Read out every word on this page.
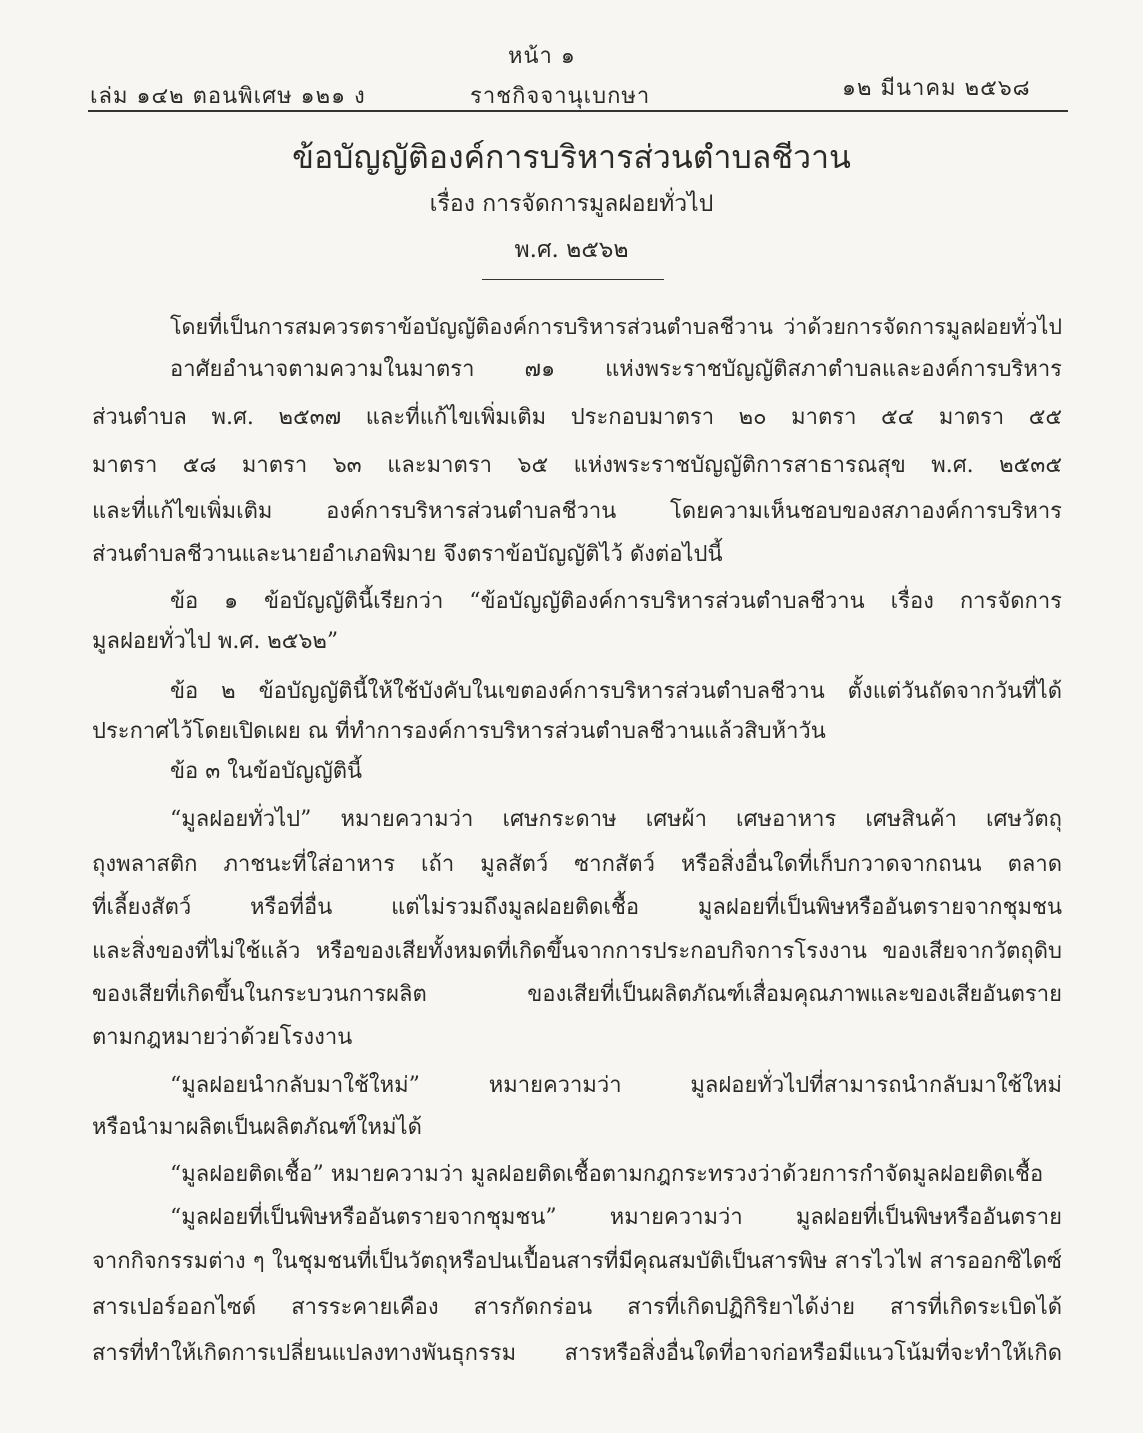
หน้า ๑
เล่ม ๑๔๒ ตอนพิเศษ ๑๒๑ ง	ราชกิจจานุเบกษา	๑๒ มีนาคม ๒๕๖๘
ข้อบัญญัติองค์การบริหารส่วนตำบลชีวาน
เรื่อง การจัดการมูลฝอยทั่วไป
พ.ศ. ๒๕๖๒
โดยที่เป็นการสมควรตราข้อบัญญัติองค์การบริหารส่วนตำบลชีวาน ว่าด้วยการจัดการมูลฝอยทั่วไป
อาศัยอำนาจตามความในมาตรา ๗๑ แห่งพระราชบัญญัติสภาตำบลและองค์การบริหาร
ส่วนตำบล พ.ศ. ๒๕๓๗ และที่แก้ไขเพิ่มเติม ประกอบมาตรา ๒๐ มาตรา ๕๔ มาตรา ๕๕
มาตรา ๕๘ มาตรา ๖๓ และมาตรา ๖๕ แห่งพระราชบัญญัติการสาธารณสุข พ.ศ. ๒๕๓๕
และที่แก้ไขเพิ่มเติม องค์การบริหารส่วนตำบลชีวาน โดยความเห็นชอบของสภาองค์การบริหาร
ส่วนตำบลชีวานและนายอำเภอพิมาย จึงตราข้อบัญญัติไว้ ดังต่อไปนี้
ข้อ ๑ ข้อบัญญัตินี้เรียกว่า “ข้อบัญญัติองค์การบริหารส่วนตำบลชีวาน เรื่อง การจัดการ
มูลฝอยทั่วไป พ.ศ. ๒๕๖๒”
ข้อ ๒ ข้อบัญญัตินี้ให้ใช้บังคับในเขตองค์การบริหารส่วนตำบลชีวาน ตั้งแต่วันถัดจากวันที่ได้
ประกาศไว้โดยเปิดเผย ณ ที่ทำการองค์การบริหารส่วนตำบลชีวานแล้วสิบห้าวัน
ข้อ ๓ ในข้อบัญญัตินี้
“มูลฝอยทั่วไป” หมายความว่า เศษกระดาษ เศษผ้า เศษอาหาร เศษสินค้า เศษวัตถุ
ถุงพลาสติก ภาชนะที่ใส่อาหาร เถ้า มูลสัตว์ ซากสัตว์ หรือสิ่งอื่นใดที่เก็บกวาดจากถนน ตลาด
ที่เลี้ยงสัตว์ หรือที่อื่น แต่ไม่รวมถึงมูลฝอยติดเชื้อ มูลฝอยที่เป็นพิษหรืออันตรายจากชุมชน
และสิ่งของที่ไม่ใช้แล้ว หรือของเสียทั้งหมดที่เกิดขึ้นจากการประกอบกิจการโรงงาน ของเสียจากวัตถุดิบ
ของเสียที่เกิดขึ้นในกระบวนการผลิต ของเสียที่เป็นผลิตภัณฑ์เสื่อมคุณภาพและของเสียอันตราย
ตามกฎหมายว่าด้วยโรงงาน
“มูลฝอยนำกลับมาใช้ใหม่” หมายความว่า มูลฝอยทั่วไปที่สามารถนำกลับมาใช้ใหม่
หรือนำมาผลิตเป็นผลิตภัณฑ์ใหม่ได้
“มูลฝอยติดเชื้อ” หมายความว่า มูลฝอยติดเชื้อตามกฎกระทรวงว่าด้วยการกำจัดมูลฝอยติดเชื้อ
“มูลฝอยที่เป็นพิษหรืออันตรายจากชุมชน” หมายความว่า มูลฝอยที่เป็นพิษหรืออันตราย
จากกิจกรรมต่าง ๆ ในชุมชนที่เป็นวัตถุหรือปนเปื้อนสารที่มีคุณสมบัติเป็นสารพิษ สารไวไฟ สารออกซิไดซ์
สารเปอร์ออกไซด์ สารระคายเคือง สารกัดกร่อน สารที่เกิดปฏิกิริยาได้ง่าย สารที่เกิดระเบิดได้
สารที่ทำให้เกิดการเปลี่ยนแปลงทางพันธุกรรม สารหรือสิ่งอื่นใดที่อาจก่อหรือมีแนวโน้มที่จะทำให้เกิด
